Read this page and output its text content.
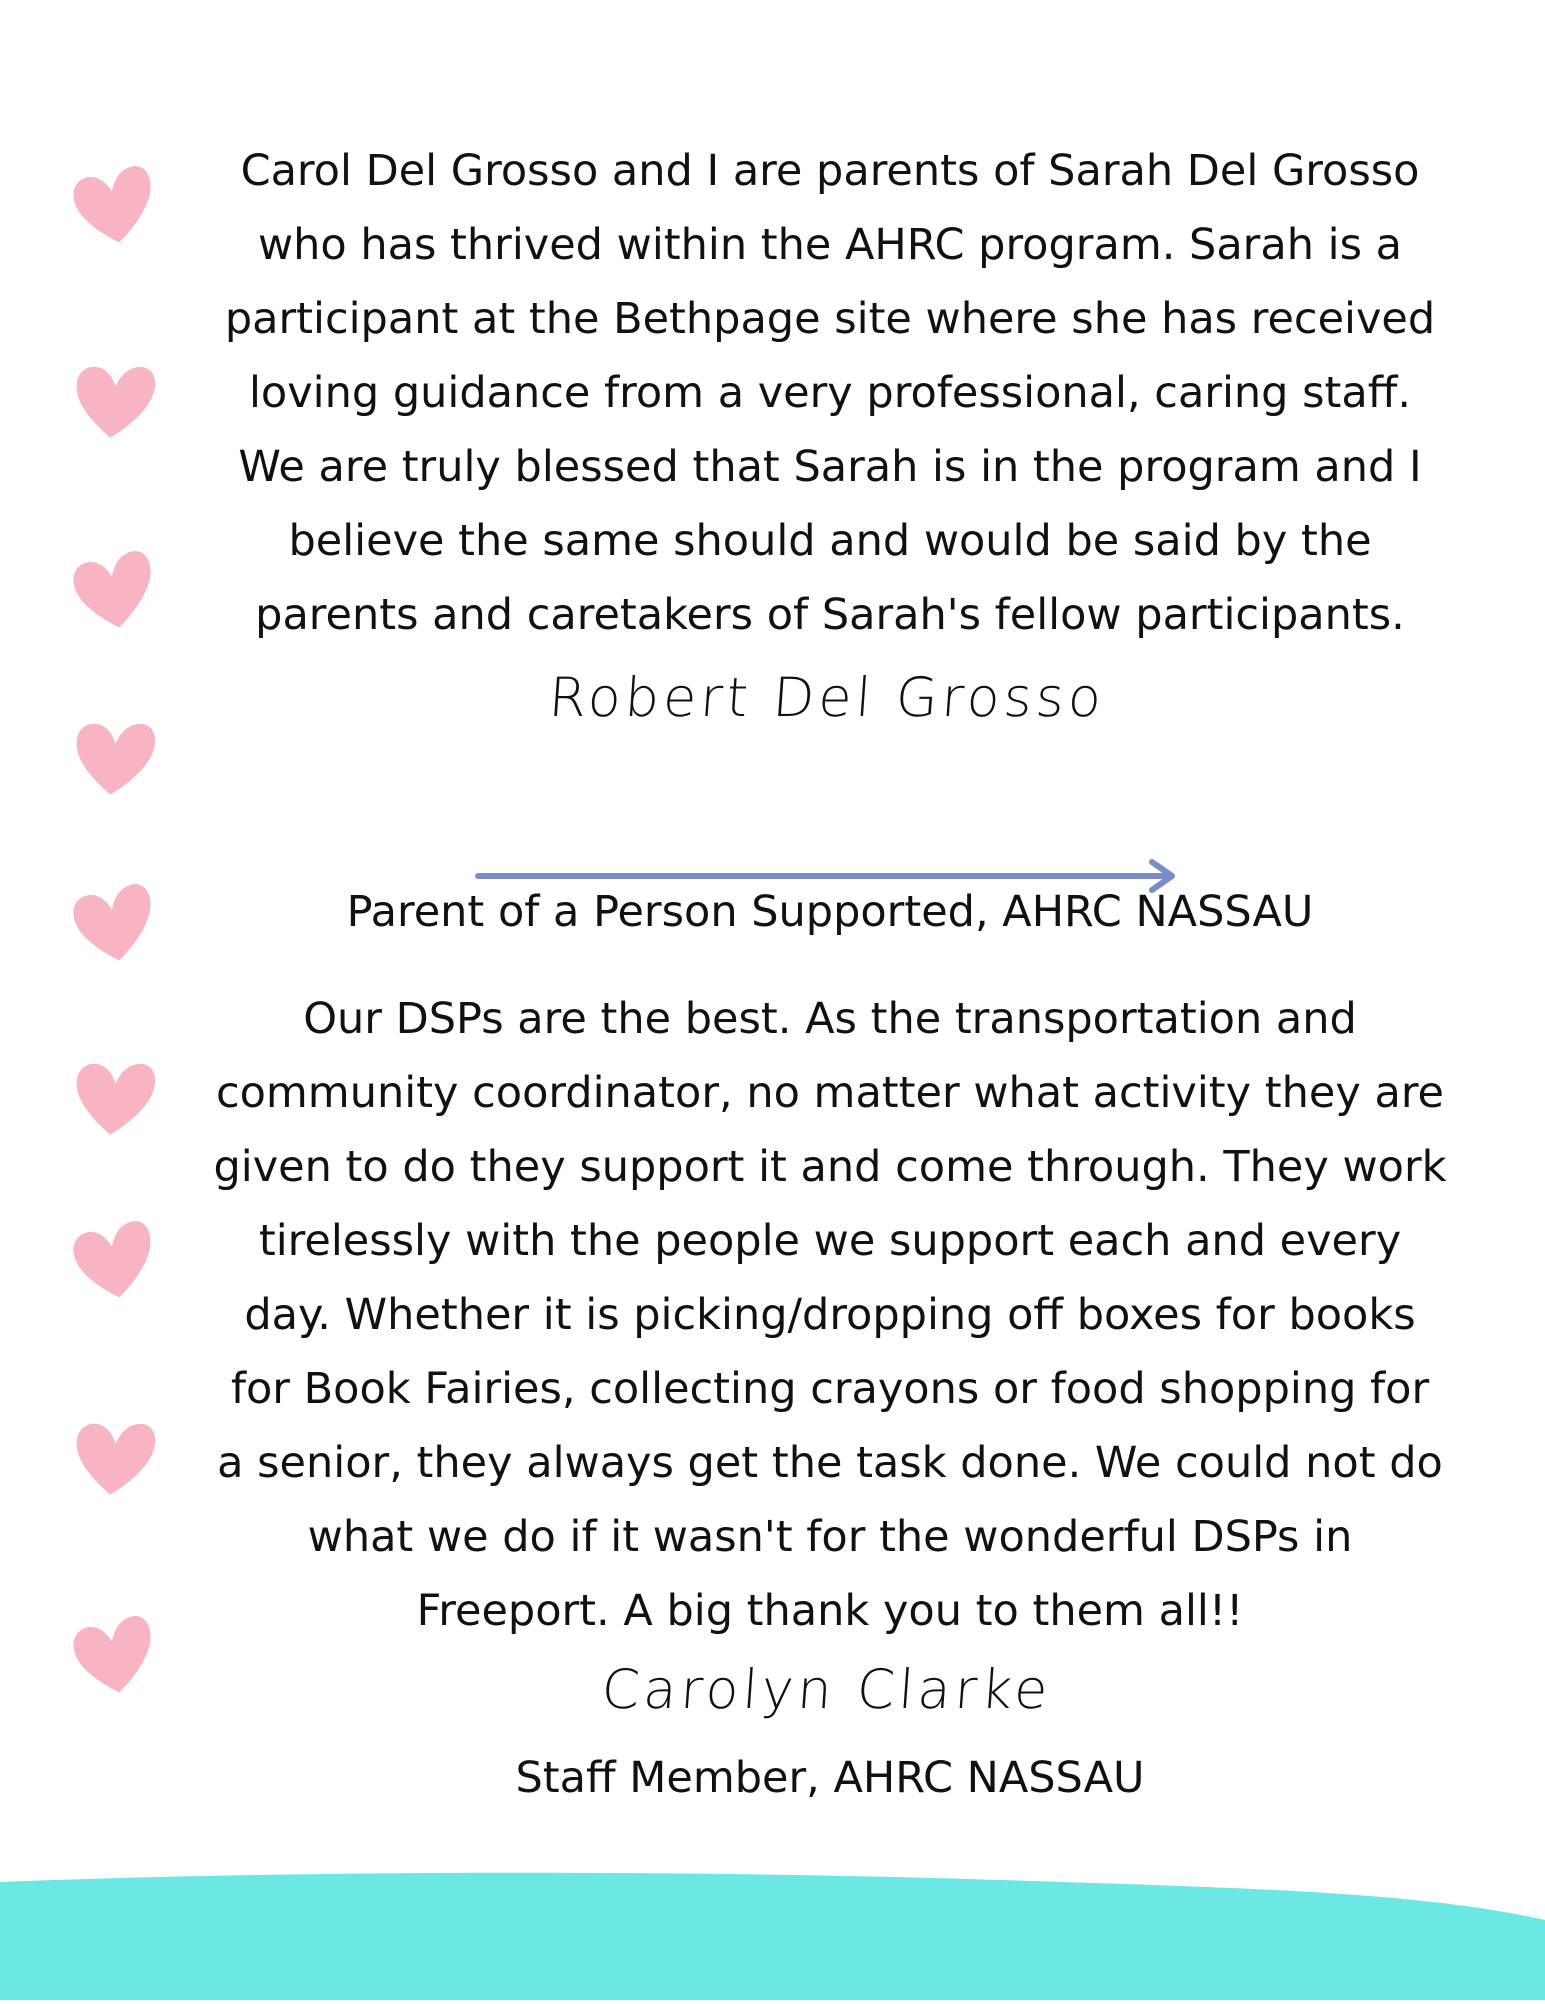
Carol Del Grosso and I are parents of Sarah Del Grosso
who has thrived within the AHRC program. Sarah is a
participant at the Bethpage site where she has received
loving guidance from a very professional, caring staff.
We are truly blessed that Sarah is in the program and I
believe the same should and would be said by the
parents and caretakers of Sarah's fellow participants.

Robert Del Grosso

Parent of a Person Supported, AHRC NASSAU

Our DSPs are the best. As the transportation and
community coordinator, no matter what activity they are
given to do they support it and come through. They work
tirelessly with the people we support each and every
day. Whether it is picking/dropping off boxes for books
for Book Fairies, collecting crayons or food shopping for
a senior, they always get the task done. We could not do
what we do if it wasn't for the wonderful DSPs in
Freeport. A big thank you to them all!!

Carolyn Clarke

Staff Member, AHRC NASSAU
